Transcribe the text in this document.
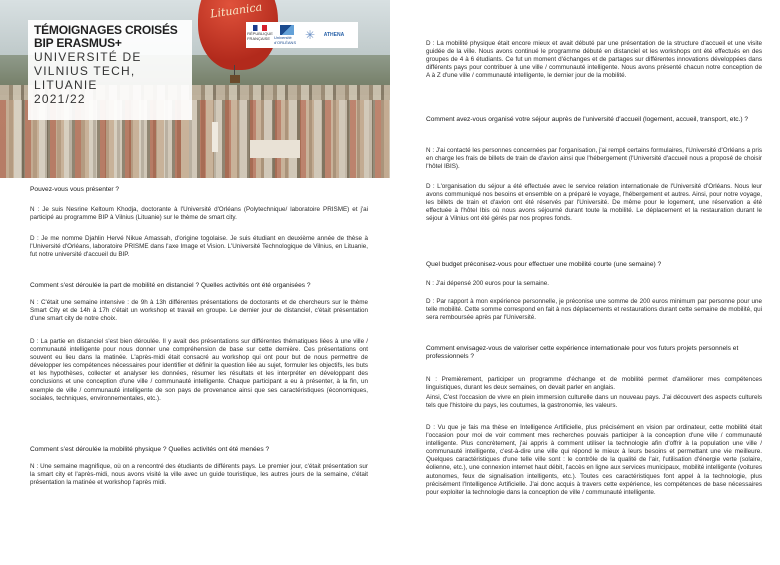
Lituanica
TÉMOIGNAGES CROISÉS
BIP ERASMUS+
UNIVERSITÉ DE
VILNIUS TECH,
LITUANIE
2021/22
RÉPUBLIQUE FRANÇAISE Université d'ORLÉANS
✳	ATHENA
Pouvez-vous vous présenter ?
N : Je suis Nesrine Keltoum Khodja, doctorante à l'Université d'Orléans (Polytechnique/ laboratoire PRISME) et j'ai participé au programme BIP à Vilnius (Lituanie) sur le thème de smart city.
D : Je me nomme Djahlin Hervé Nikue Amassah, d'origine togolaise. Je suis étudiant en deuxième année de thèse à l'Université d'Orléans, laboratoire PRISME dans l'axe Image et Vision. L'Université Technologique de Vilnius, en Lituanie, fut notre université d'accueil du BIP.
Comment s'est déroulée la part de mobilité en distanciel ? Quelles activités ont été organisées ?
N : C'était une semaine intensive : de 9h à 13h différentes présentations de doctorants et de chercheurs sur le thème Smart City et de 14h à 17h c'était un workshop et travail en groupe. Le dernier jour de distanciel, c'était présentation d'une smart city de notre choix.
D : La partie en distanciel s'est bien déroulée. Il y avait des présentations sur différentes thématiques liées à une ville / communauté intelligente pour nous donner une compréhension de base sur cette dernière. Ces présentations ont souvent eu lieu dans la matinée. L'après-midi était consacré au workshop qui ont pour but de nous permettre de développer les compétences nécessaires pour identifier et définir la question liée au sujet, formuler les objectifs, les buts et les hypothèses, collecter et analyser les données, résumer les résultats et les interpréter en développant des conclusions et une conception d'une ville / communauté intelligente. Chaque participant a eu à présenter, à la fin, un exemple de ville / communauté intelligente de son pays de provenance ainsi que ses caractéristiques (économiques, sociales, techniques, environnementales, etc.).
Comment s'est déroulée la mobilité physique ? Quelles activités ont été menées ?
N : Une semaine magnifique, où on a rencontré des étudiants de différents pays. Le premier jour, c'était présentation sur la smart city et l'après-midi, nous avons visité la ville avec un guide touristique, les autres jours de la semaine, c'était présentation la matinée et workshop l'après midi.
D : La mobilité physique était encore mieux et avait débuté par une présentation de la structure d'accueil et une visite guidée de la ville. Nous avons continué le programme débuté en distanciel et les workshops ont été effectués en des groupes de 4 à 6 étudiants. Ce fut un moment d'échanges et de partages sur différentes innovations développées dans différents pays pour contribuer à une ville / communauté intelligente. Nous avons présenté chacun notre conception de A à Z d'une ville / communauté intelligente, le dernier jour de la mobilité.
Comment avez-vous organisé votre séjour auprès de l'université d'accueil (logement, accueil, transport, etc.) ?
N : J'ai contacté les personnes concernées par l'organisation, j'ai rempli certains formulaires, l'Université d'Orléans a pris en charge les frais de billets de train de d'avion ainsi que l'hébergement (l'Université d'accueil nous a proposé de choisir l'hôtel IBIS).
D : L'organisation du séjour a été effectuée avec le service relation internationale de l'Université d'Orléans. Nous leur avons communiqué nos besoins et ensemble on a préparé le voyage, l'hébergement et autres. Ainsi, pour notre voyage, les billets de train et d'avion ont été réservés par l'Université. De même pour le logement, une réservation a été effectuée à l'hôtel Ibis où nous avons séjourné durant toute la mobilité. Le déplacement et la restauration durant le séjour à Vilnius ont été gérés par nos propres fonds.
Quel budget préconisez-vous pour effectuer une mobilité courte (une semaine) ?
N : J'ai dépensé 200 euros pour la semaine.
D : Par rapport à mon expérience personnelle, je préconise une somme de 200 euros minimum par personne pour une telle mobilité. Cette somme correspond en fait à nos déplacements et restaurations durant cette semaine de mobilité, qui sera remboursée après par l'Université.
Comment envisagez-vous de valoriser cette expérience internationale pour vos futurs projets personnels et professionnels ?
N : Premièrement, participer un programme d'échange et de mobilité permet d'améliorer mes compétences linguistiques, durant les deux semaines, on devait parler en anglais.
Ainsi, C'est l'occasion de vivre en plein immersion culturelle dans un nouveau pays. J'ai découvert des aspects culturels tels que l'histoire du pays, les coutumes, la gastronomie, les valeurs.
D : Vu que je fais ma thèse en Intelligence Artificielle, plus précisément en vision par ordinateur, cette mobilité était l'occasion pour moi de voir comment mes recherches pouvais participer à la conception d'une ville / communauté intelligente. Plus concrètement, j'ai appris à comment utiliser la technologie afin d'offrir à la population une ville / communauté intelligente, c'est-à-dire une ville qui répond le mieux à leurs besoins et permettant une vie meilleure. Quelques caractéristiques d'une telle ville sont : le contrôle de la qualité de l'air, l'utilisation d'énergie verte (solaire, éolienne, etc.), une connexion internet haut débit, l'accès en ligne aux services municipaux, mobilité intelligente (voitures autonomes, feux de signalisation intelligents, etc.). Toutes ces caractéristiques font appel à la technologie, plus précisément l'Intelligence Artificielle. J'ai donc acquis à travers cette expérience, les compétences de base nécessaires pour exploiter la technologie dans la conception de ville / communauté intelligente.
